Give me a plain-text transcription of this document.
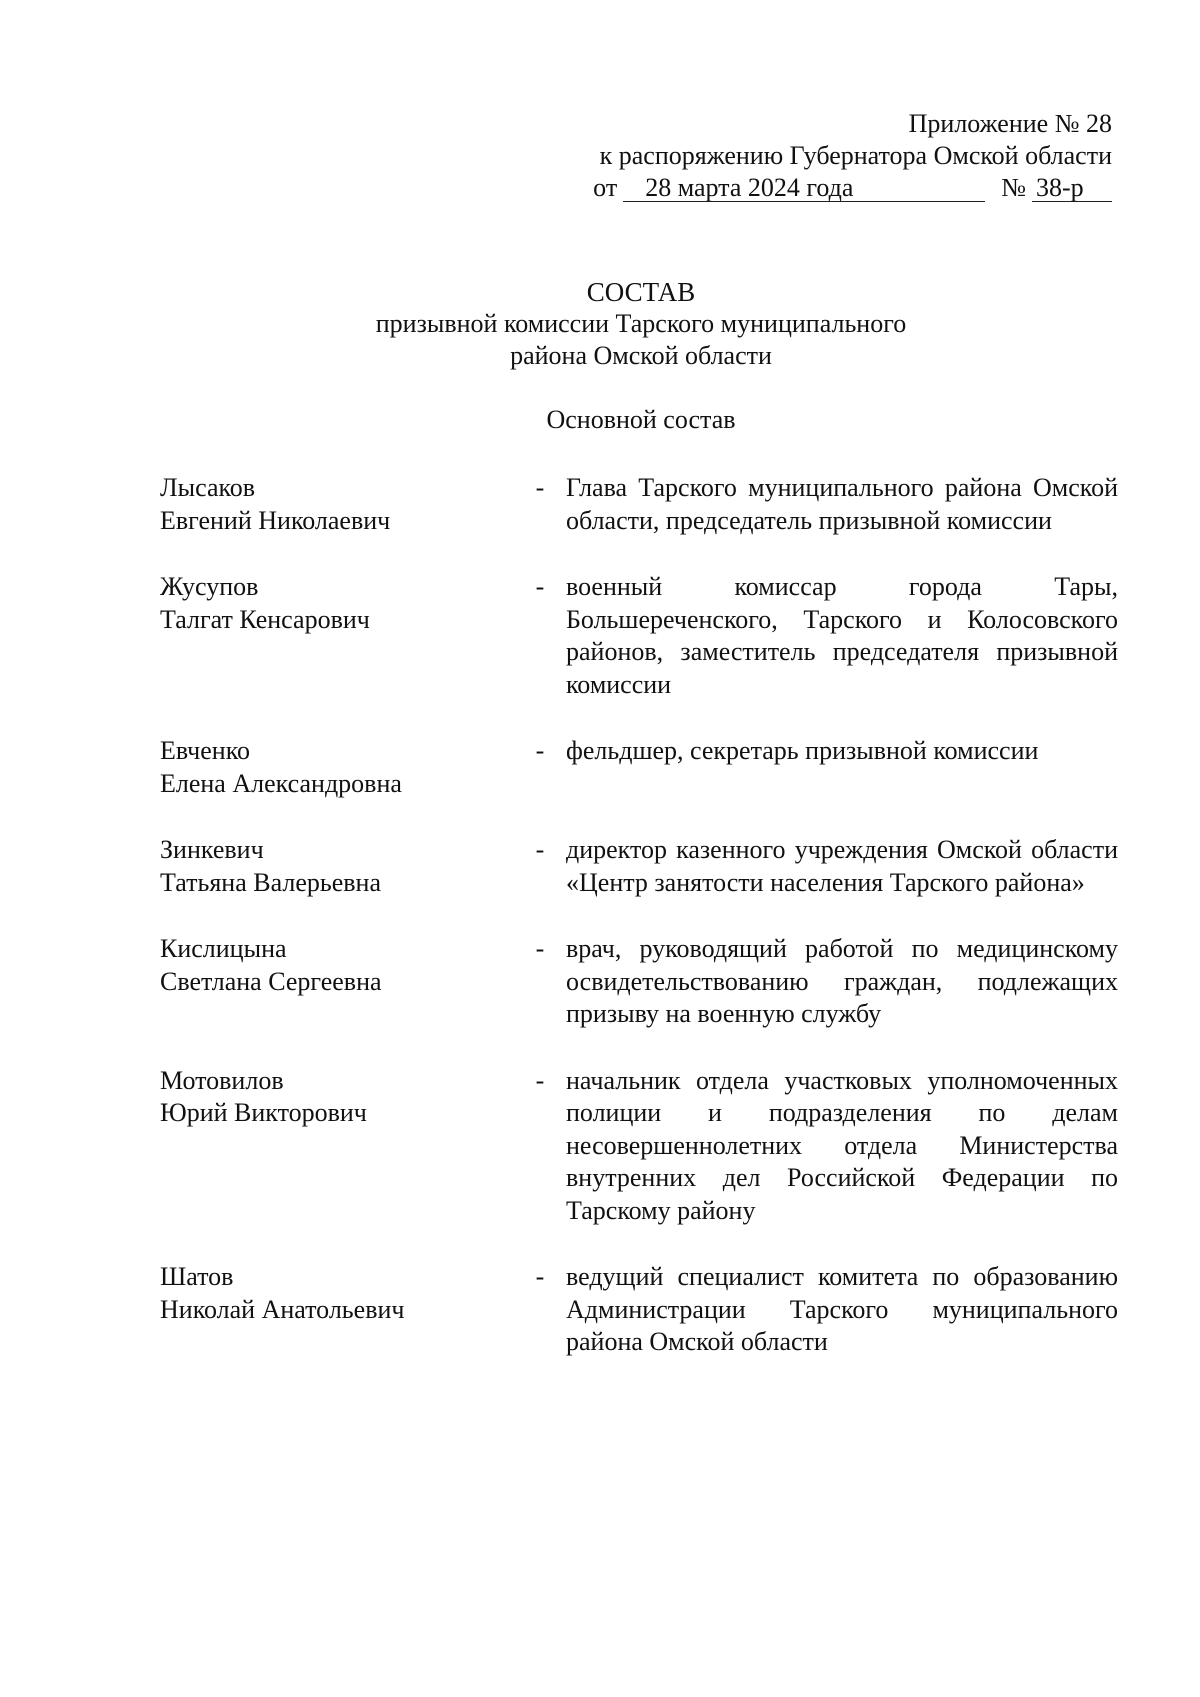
Приложение № 28
к распоряжению Губернатора Омской области
от	28 марта 2024 года	№ 38-р
СОСТАВ
призывной комиссии Тарского муниципального
района Омской области
Основной состав
Лысаков
Евгений Николаевич
- Глава Тарского муниципального района Омской области, председатель призывной комиссии
Жусупов
Талгат Кенсарович
- военный комиссар города Тары, Большереченского, Тарского и Колосовского районов, заместитель председателя призывной комиссии
Евченко
Елена Александровна
- фельдшер, секретарь призывной комиссии
Зинкевич
Татьяна Валерьевна
- директор казенного учреждения Омской области «Центр занятости населения Тарского района»
Кислицына
Светлана Сергеевна
- врач, руководящий работой по медицинскому освидетельствованию граждан, подлежащих призыву на военную службу
Мотовилов
Юрий Викторович
- начальник отдела участковых уполномоченных полиции и подразделения по делам несовершеннолетних отдела Министерства внутренних дел Российской Федерации по Тарскому району
Шатов
Николай Анатольевич
- ведущий специалист комитета по образованию Администрации Тарского муниципального района Омской области
